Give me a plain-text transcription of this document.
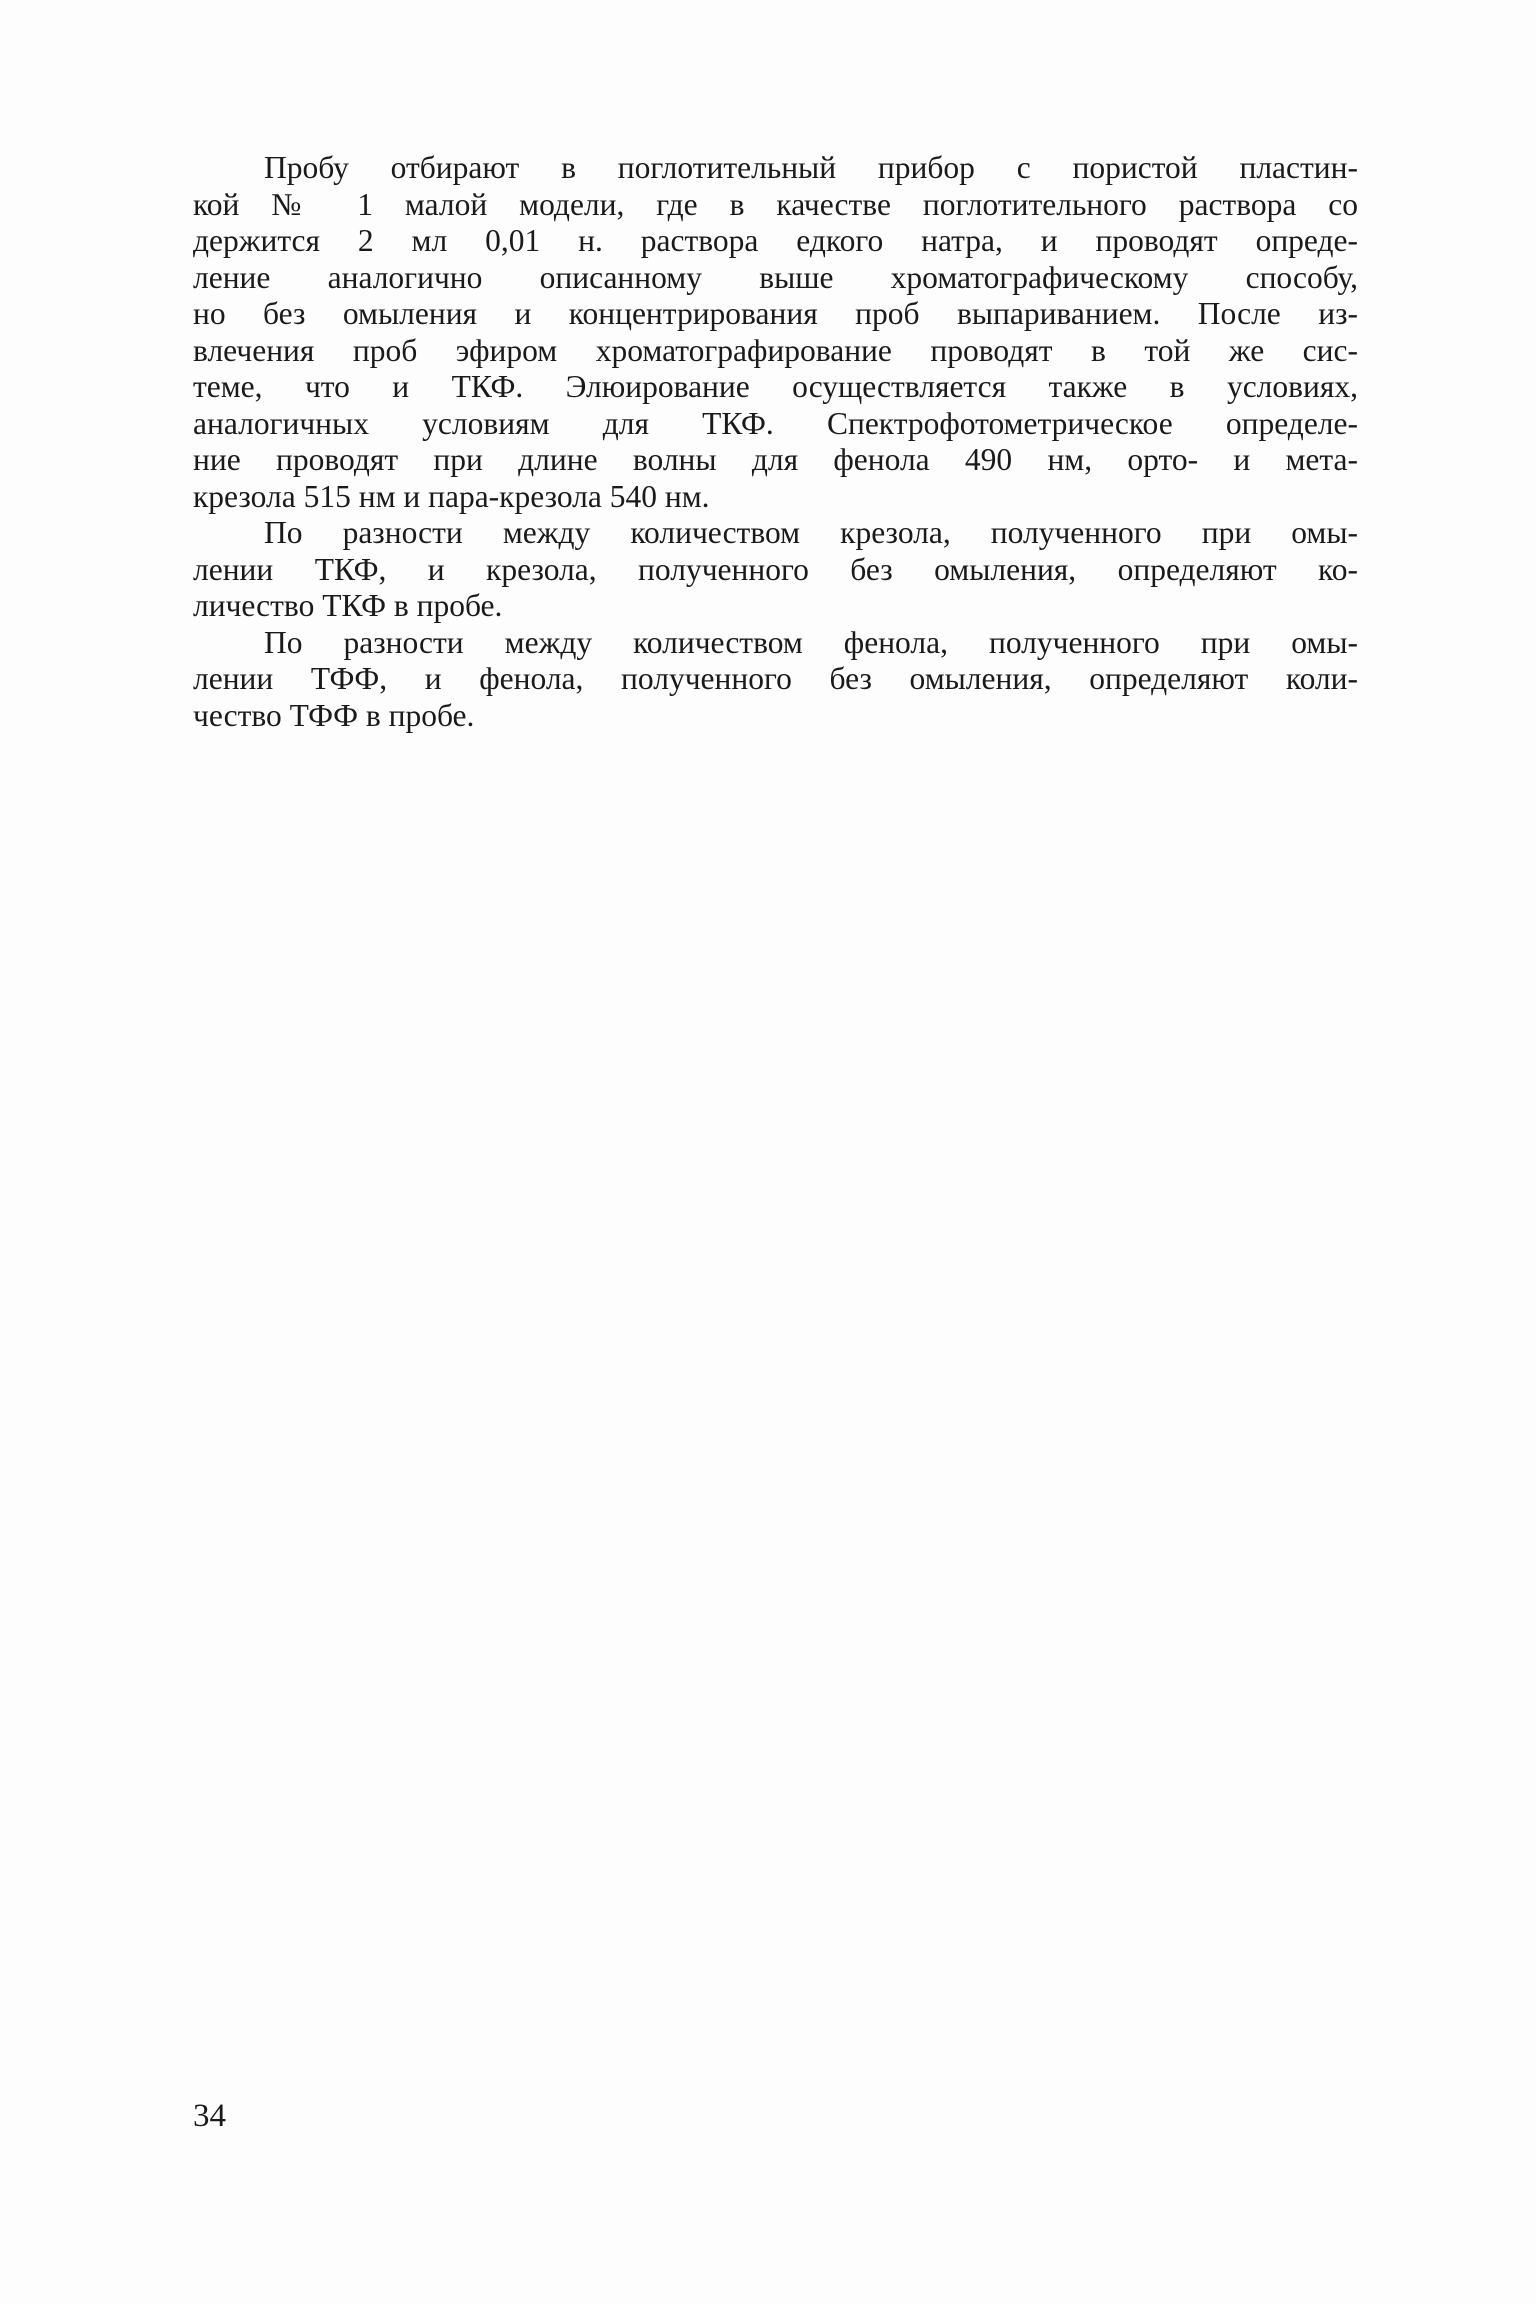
Пробу отбирают в поглотительный прибор с пористой пластин-
кой № 1 малой модели, где в качестве поглотительного раствора со
держится 2 мл 0,01 н. раствора едкого натра, и проводят опреде-
ление аналогично описанному выше хроматографическому способу,
но без омыления и концентрирования проб выпариванием. После из-
влечения проб эфиром хроматографирование проводят в той же сис-
теме, что и ТКФ. Элюирование осуществляется также в условиях,
аналогичных условиям для ТКФ. Спектрофотометрическое определе-
ние проводят при длине волны для фенола 490 нм, орто- и мета-
крезола 515 нм и пара-крезола 540 нм.

По разности между количеством крезола, полученного при омы-
лении ТКФ, и крезола, полученного без омыления, определяют ко-
личество ТКФ в пробе.

По разности между количеством фенола, полученного при омы-
лении ТФФ, и фенола, полученного без омыления, определяют коли-
чество ТФФ в пробе.

34
